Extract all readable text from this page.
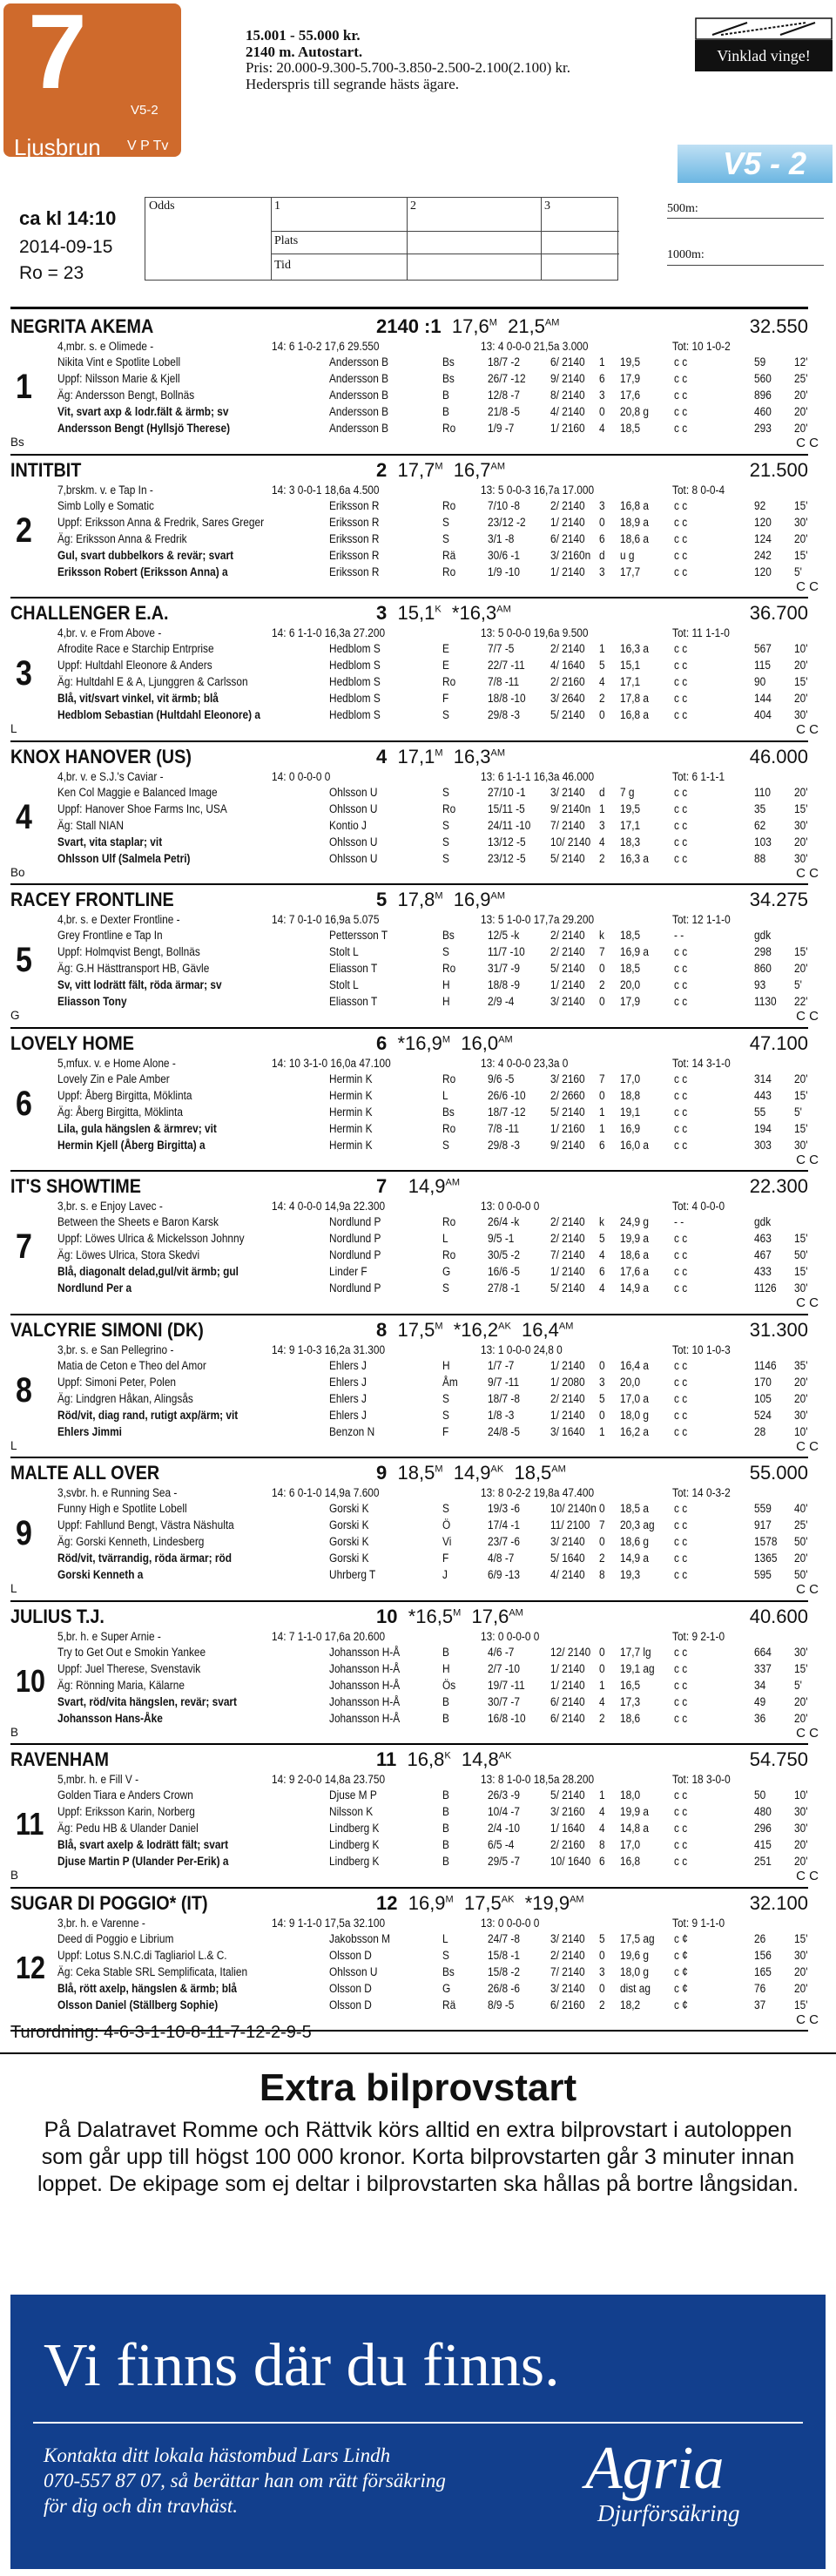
7	V5-2
Ljusbrun V P Tv
15.001 - 55.000 kr.
2140 m. Autostart.
Pris: 20.000-9.300-5.700-3.850-2.500-2.100(2.100) kr.
Hederspris till segrande hästs ägare.
Vinklad vinge!
V5 - 2
ca kl 14:10
2014-09-15
Ro = 23
Odds	1	2	3
Plats
Tid
500m:
1000m:
NEGRITA AKEMA	2140 :1 $17,6^M$ $21,5^{AM}$	32.550
4,mbr. s. e Olimede -	14: 6 1-0-2 17,6 29.550	13: 4 0-0-0 21,5a 3.000	Tot: 10 1-0-2
1
Bs
Nikita Vint e Spotlite Lobell	Andersson B	Bs	18/7 -2	6/ 2140 1 19,5	c c	59 12'
Uppf: Nilsson Marie & Kjell	Andersson B	Bs	26/7 -12 9/ 2140 6 17,9	c c	560 25'
Äg: Andersson Bengt, Bollnäs	Andersson B	B	12/8 -7	8/ 2140 3 17,6	c c	896 20'
Vit, svart axp & lodr.fält & ärmb; sv	Andersson B	B	21/8 -5	4/ 2140 0 20,8 g c c	460 20'
Andersson Bengt (Hyllsjö Therese)	Andersson B	Ro	1/9 -7	1/ 2160 4 18,5	c c	293 20'
C C
INTITBIT	2 $17,7^M$ $16,7^{AM}$	21.500
7,brskm. v. e Tap In -	14: 3 0-0-1 18,6a 4.500	13: 5 0-0-3 16,7a 17.000	Tot: 8 0-0-4
2
Simb Lolly e Somatic	Eriksson R	Ro	7/10 -8	2/ 2140 3 16,8 a c c	92 15'
Uppf: Eriksson Anna & Fredrik, Sares Greger	Eriksson R	S	23/12 -2 1/ 2140 0 18,9 a c c	120 30'
Äg: Eriksson Anna & Fredrik	Eriksson R	S	3/1 -8	6/ 2140 6 18,6 a c c	124 20'
Gul, svart dubbelkors & revär; svart	Eriksson R	Rä	30/6 -1	3/ 2160n d u g	c c	242 15'
Eriksson Robert (Eriksson Anna) a	Eriksson R	Ro	1/9 -10	1/ 2140 3 17,7	c c	120 5'
C C
CHALLENGER E.A.	3 $15,1^K$ $*16,3^{AM}$	36.700
4,br. v. e From Above -	14: 6 1-1-0 16,3a 27.200	13: 5 0-0-0 19,6a 9.500	Tot: 11 1-1-0
3
L
Afrodite Race e Starchip Entrprise	Hedblom S	E	7/7 -5	2/ 2140 1 16,3 a c c	567 10'
Uppf: Hultdahl Eleonore & Anders	Hedblom S	E	22/7 -11 4/ 1640 5 15,1	c c	115 20'
Äg: Hultdahl E & A, Ljunggren & Carlsson	Hedblom S	Ro	7/8 -11	2/ 2160 4 17,1	c c	90 15'
Blå, vit/svart vinkel, vit ärmb; blå	Hedblom S	F	18/8 -10 3/ 2640 2 17,8 a c c	144 20'
Hedblom Sebastian (Hultdahl Eleonore) a	Hedblom S	S	29/8 -3	5/ 2140 0 16,8 a c c	404 30'
C C
KNOX HANOVER (US)	4 $17,1^M$ $16,3^{AM}$	46.000
4,br. v. e S.J.'s Caviar -	14: 0 0-0-0 0	13: 6 1-1-1 16,3a 46.000	Tot: 6 1-1-1
4
Bo
Ken Col Maggie e Balanced Image	Ohlsson U	S	27/10 -1 3/ 2140 d 7 g	c c	110 20'
Uppf: Hanover Shoe Farms Inc, USA	Ohlsson U	Ro	15/11 -5 9/ 2140n 1 19,5	c c	35 15'
Äg: Stall NIAN	Kontio J	S	24/11 -10 7/ 2140 3 17,1	c c	62 30'
Svart, vita staplar; vit	Ohlsson U	S	13/12 -5 10/ 2140 4 18,3	c c	103 20'
Ohlsson Ulf (Salmela Petri)	Ohlsson U	S	23/12 -5 5/ 2140 2 16,3 a c c	88 30'
C C
RACEY FRONTLINE	5 $17,8^M$ $16,9^{AM}$	34.275
4,br. s. e Dexter Frontline -	14: 7 0-1-0 16,9a 5.075	13: 5 1-0-0 17,7a 29.200	Tot: 12 1-1-0
5
G
Grey Frontline e Tap In	Pettersson T	Bs	12/5 -k	2/ 2140 k 18,5	- -	gdk
Uppf: Holmqvist Bengt, Bollnäs	Stolt L	S	11/7 -10 2/ 2140 7 16,9 a c c	298 15'
Äg: G.H Hästtransport HB, Gävle	Eliasson T	Ro	31/7 -9	5/ 2140 0 18,5	c c	860 20'
Sv, vitt lodrätt fält, röda ärmar; sv	Stolt L	H	18/8 -9	1/ 2140 2 20,0	c c	93 5'
Eliasson Tony	Eliasson T	H	2/9 -4	3/ 2140 0 17,9	c c	1130 22'
C C
LOVELY HOME	6 $*16,9^M$ $16,0^{AM}$	47.100
5,mfux. v. e Home Alone -	14: 10 3-1-0 16,0a 47.100	13: 4 0-0-0 23,3a 0	Tot: 14 3-1-0
6
Lovely Zin e Pale Amber	Hermin K	Ro	9/6 -5	3/ 2160 7 17,0	c c	314 20'
Uppf: Åberg Birgitta, Möklinta	Hermin K	L	26/6 -10 2/ 2660 0 18,8	c c	443 15'
Äg: Åberg Birgitta, Möklinta	Hermin K	Bs	18/7 -12 5/ 2140 1 19,1	c c	55 5'
Lila, gula hängslen & ärmrev; vit	Hermin K	Ro	7/8 -11	1/ 2160 1 16,9	c c	194 15'
Hermin Kjell (Åberg Birgitta) a	Hermin K	S	29/8 -3	9/ 2140 6 16,0 a c c	303 30'
C C
IT'S SHOWTIME	7 $14,9^{AM}$	22.300
3,br. s. e Enjoy Lavec -	14: 4 0-0-0 14,9a 22.300	13: 0 0-0-0 0	Tot: 4 0-0-0
7
Between the Sheets e Baron Karsk	Nordlund P	Ro	26/4 -k	2/ 2140 k 24,9 g - -	gdk
Uppf: Löwes Ulrica & Mickelsson Johnny	Nordlund P	L	9/5 -1	2/ 2140 5 19,9 a c c	463 15'
Äg: Löwes Ulrica, Stora Skedvi	Nordlund P	Ro	30/5 -2	7/ 2140 4 18,6 a c c	467 50'
Blå, diagonalt delad,gul/vit ärmb; gul	Linder F	G	16/6 -5	1/ 2140 6 17,6 a c c	433 15'
Nordlund Per a	Nordlund P	S	27/8 -1	5/ 2140 4 14,9 a c c	1126 30'
C C
VALCYRIE SIMONI (DK)	8 $17,5^M$ $*16,2^{AK}$ $16,4^{AM}$	31.300
3,br. s. e San Pellegrino -	14: 9 1-0-3 16,2a 31.300	13: 1 0-0-0 24,8 0	Tot: 10 1-0-3
8
L
Matia de Ceton e Theo del Amor	Ehlers J	H	1/7 -7	1/ 2140 0 16,4 a c c	1146 35'
Uppf: Simoni Peter, Polen	Ehlers J	Åm	9/7 -11	1/ 2080 3 20,0	c c	170 20'
Äg: Lindgren Håkan, Alingsås	Ehlers J	S	18/7 -8	2/ 2140 5 17,0 a c c	105 20'
Röd/vit, diag rand, rutigt axp/ärm; vit	Ehlers J	S	1/8 -3	1/ 2140 0 18,0 g c c	524 30'
Ehlers Jimmi	Benzon N	F	24/8 -5	3/ 1640 1 16,2 a c c	28 10'
C C
MALTE ALL OVER	9 $18,5^M$ $14,9^{AK}$ $18,5^{AM}$	55.000
3,svbr. h. e Running Sea -	14: 6 0-1-0 14,9a 7.600	13: 8 0-2-2 19,8a 47.400	Tot: 14 0-3-2
9
L
Funny High e Spotlite Lobell	Gorski K	S	19/3 -6	10/ 2140n 0 18,5 a c c	559 40'
Uppf: Fahllund Bengt, Västra Näshulta	Gorski K	Ö	17/4 -1	11/ 2100 7 20,3 ag c c	917 25'
Äg: Gorski Kenneth, Lindesberg	Gorski K	Vi	23/7 -6	3/ 2140 0 18,6 g c c	1578 50'
Röd/vit, tvärrandig, röda ärmar; röd	Gorski K	F	4/8 -7	5/ 1640 2 14,9 a c c	1365 20'
Gorski Kenneth a	Uhrberg T	J	6/9 -13	4/ 2140 8 19,3	c c	595 50'
C C
JULIUS T.J.	10 $*16,5^M$ $17,6^{AM}$	40.600
5,br. h. e Super Arnie -	14: 7 1-1-0 17,6a 20.600	13: 0 0-0-0 0	Tot: 9 2-1-0
10
B
Try to Get Out e Smokin Yankee	Johansson H-Å	B	4/6 -7	12/ 2140 0 17,7 lg c c	664 30'
Uppf: Juel Therese, Svenstavik	Johansson H-Å	H	2/7 -10	1/ 2140 0 19,1 ag c c	337 15'
Äg: Rönning Maria, Kälarne	Johansson H-Å	Ös	19/7 -11 1/ 2140 1 16,5	c c	34 5'
Svart, röd/vita hängslen, revär; svart	Johansson H-Å	B	30/7 -7	6/ 2140 4 17,3	c c	49 20'
Johansson Hans-Åke	Johansson H-Å	B	16/8 -10 6/ 2140 2 18,6	c c	36 20'
C C
RAVENHAM	11 $16,8^K$ $14,8^{AK}$	54.750
5,mbr. h. e Fill V -	14: 9 2-0-0 14,8a 23.750	13: 8 1-0-0 18,5a 28.200	Tot: 18 3-0-0
11
B
Golden Tiara e Anders Crown	Djuse M P	B	26/3 -9	5/ 2140 1 18,0	c c	50 10'
Uppf: Eriksson Karin, Norberg	Nilsson K	B	10/4 -7	3/ 2160 4 19,9 a c c	480 30'
Äg: Pedu HB & Ulander Daniel	Lindberg K	B	2/4 -10	1/ 1640 4 14,8 a c c	296 30'
Blå, svart axelp & lodrätt fält; svart	Lindberg K	B	6/5 -4	2/ 2160 8 17,0	c c	415 20'
Djuse Martin P (Ulander Per-Erik) a	Lindberg K	B	29/5 -7	10/ 1640 6 16,8	c c	251 20'
C C
SUGAR DI POGGIO* (IT)	12 $16,9^M$ $17,5^{AK}$ $*19,9^{AM}$	32.100
3,br. h. e Varenne -	14: 9 1-1-0 17,5a 32.100	13: 0 0-0-0 0	Tot: 9 1-1-0
12
Deed di Poggio e Librium	Jakobsson M	L	24/7 -8	3/ 2140 5 17,5 ag c ¢	26 15'
Uppf: Lotus S.N.C.di Tagliariol L.& C.	Olsson D	S	15/8 -1	2/ 2140 0 19,6 g c ¢	156 30'
Äg: Ceka Stable SRL Semplificata, Italien	Ohlsson U	Bs	15/8 -2	7/ 2140 3 18,0 g c ¢	165 20'
Blå, rött axelp, hängslen & ärmb; blå	Olsson D	G	26/8 -6	3/ 2140 0 dist ag c ¢	76 20'
Olsson Daniel (Ställberg Sophie)	Olsson D	Rä	8/9 -5	6/ 2160 2 18,2	c ¢	37 15'
C C
Turordning: 4-6-3-1-10-8-11-7-12-2-9-5
Extra bilprovstart
På Dalatravet Romme och Rättvik körs alltid en extra bilprovstart i autoloppen som går upp till högst 100 000 kronor. Korta bilprovstarten går 3 minuter innan loppet. De ekipage som ej deltar i bilprovstarten ska hållas på bortre långsidan.
Vi finns där du finns.
Kontakta ditt lokala hästombud Lars Lindh
070-557 87 07, så berättar han om rätt försäkring
för dig och din travhäst.
Agria
Djurförsäkring
